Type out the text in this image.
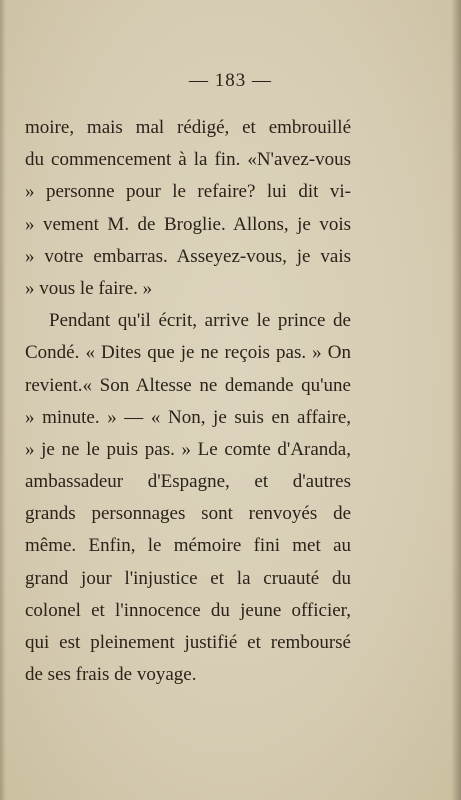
— 183 —
moire, mais mal rédigé, et embrouillé
du commencement à la fin. «N'avez-vous
» personne pour le refaire? lui dit vi-
» vement M. de Broglie. Allons, je vois
» votre embarras. Asseyez-vous, je vais
» vous le faire. »
Pendant qu'il écrit, arrive le prince de
Condé. « Dites que je ne reçois pas. » On
revient.« Son Altesse ne demande qu'une
» minute. » — « Non, je suis en affaire,
» je ne le puis pas. » Le comte d'Aranda,
ambassadeur d'Espagne, et d'autres
grands personnages sont renvoyés de
même. Enfin, le mémoire fini met au
grand jour l'injustice et la cruauté du
colonel et l'innocence du jeune officier,
qui est pleinement justifié et remboursé
de ses frais de voyage.
